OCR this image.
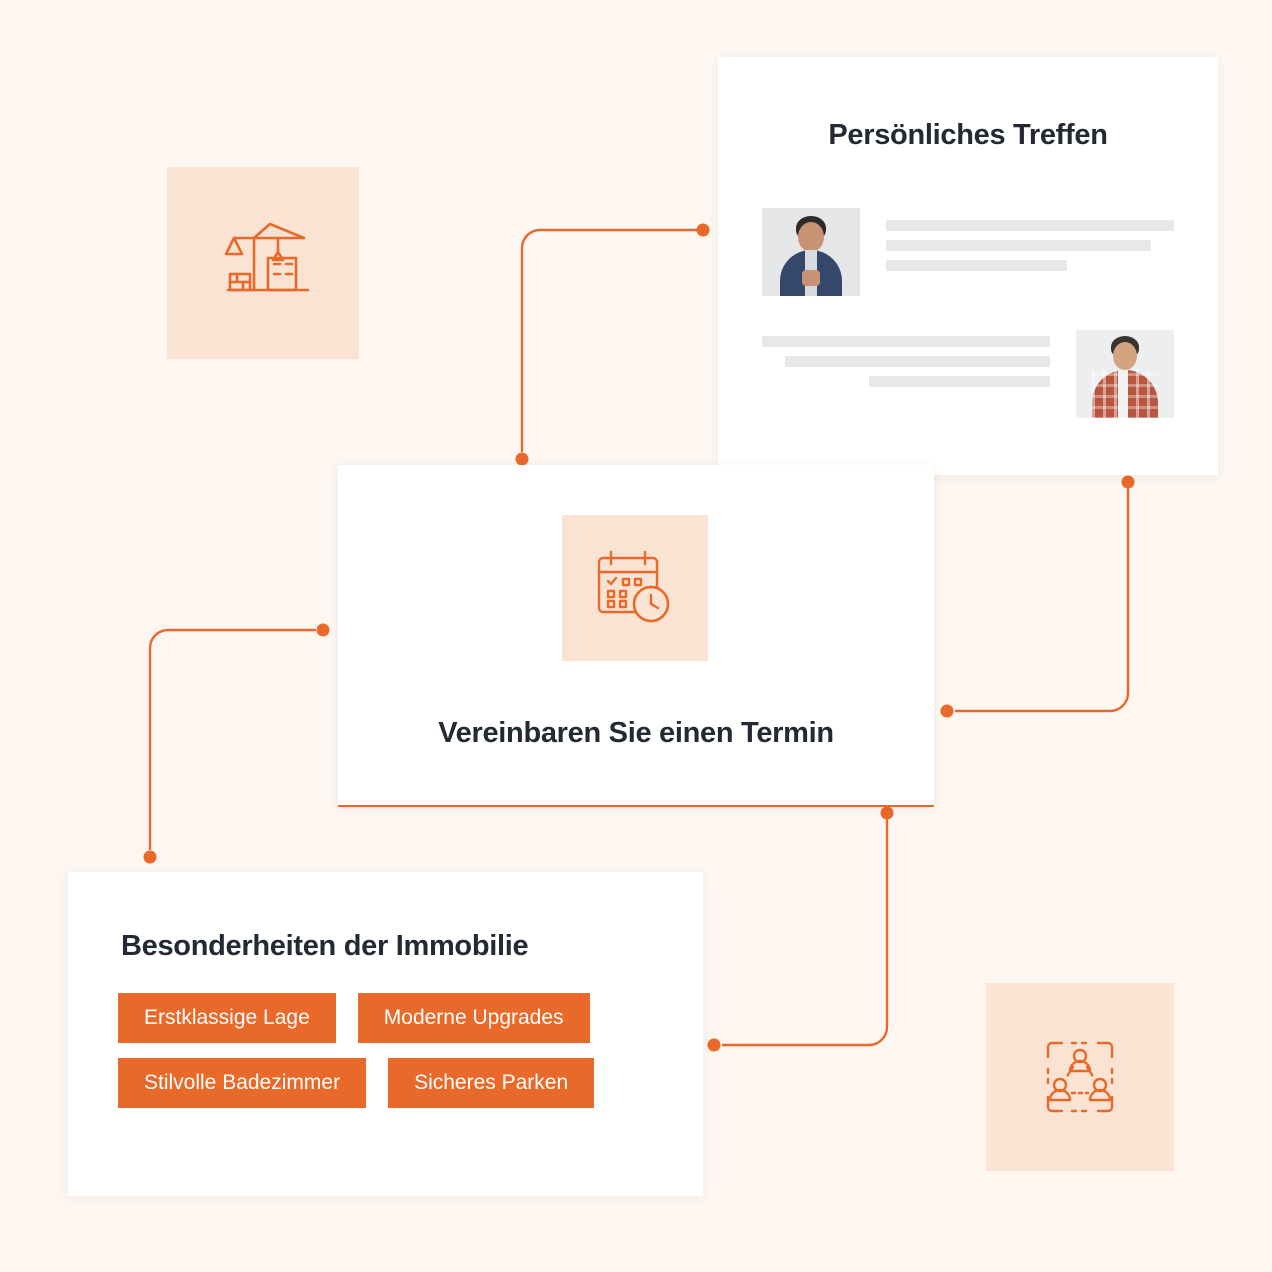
Persönliches Treffen
Vereinbaren Sie einen Termin
Besonderheiten der Immobilie
Erstklassige Lage	Moderne Upgrades
Stilvolle Badezimmer	Sicheres Parken
